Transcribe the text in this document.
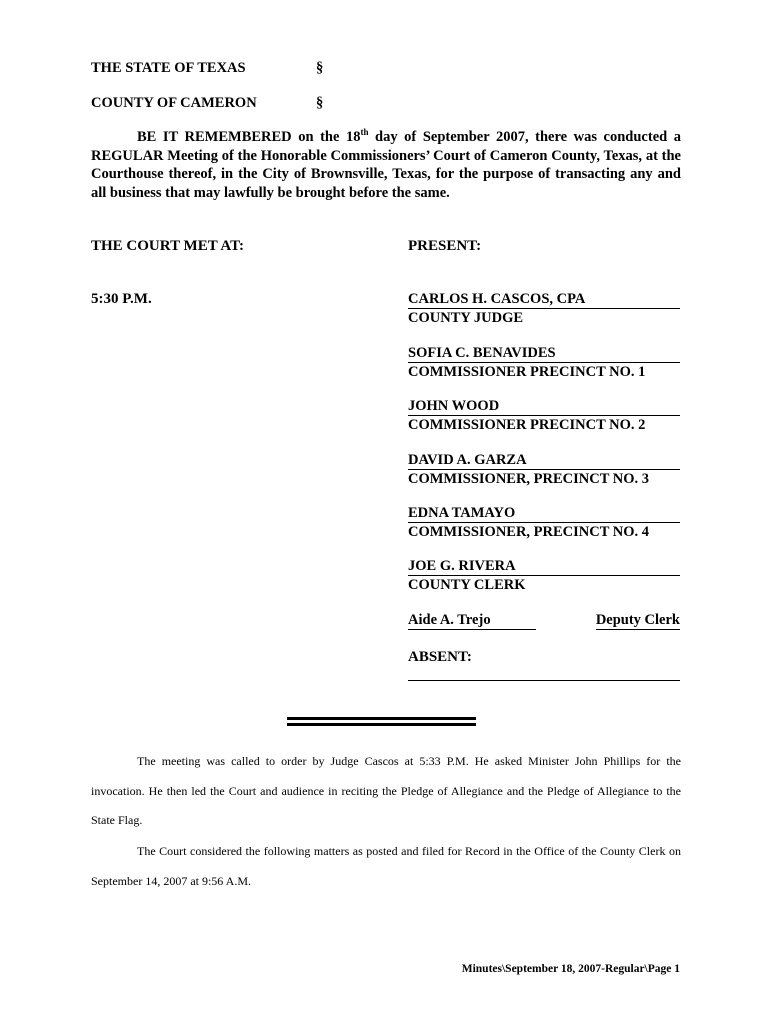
THE STATE OF TEXAS	§
COUNTY OF CAMERON	§
BE IT REMEMBERED on the 18th day of September 2007, there was conducted a REGULAR Meeting of the Honorable Commissioners’ Court of Cameron County, Texas, at the Courthouse thereof, in the City of Brownsville, Texas, for the purpose of transacting any and all business that may lawfully be brought before the same.
THE COURT MET AT:	PRESENT:
5:30 P.M.	CARLOS H. CASCOS, CPA
COUNTY JUDGE
SOFIA C. BENAVIDES
COMMISSIONER PRECINCT NO. 1
JOHN WOOD
COMMISSIONER PRECINCT NO. 2
DAVID A. GARZA
COMMISSIONER, PRECINCT NO. 3
EDNA TAMAYO
COMMISSIONER, PRECINCT NO. 4
JOE G. RIVERA
COUNTY CLERK
Aide A. Trejo	Deputy Clerk
ABSENT:
The meeting was called to order by Judge Cascos at 5:33 P.M. He asked Minister John Phillips for the invocation. He then led the Court and audience in reciting the Pledge of Allegiance and the Pledge of Allegiance to the State Flag.
The Court considered the following matters as posted and filed for Record in the Office of the County Clerk on September 14, 2007 at 9:56 A.M.
Minutes\September 18, 2007-Regular\Page 1
